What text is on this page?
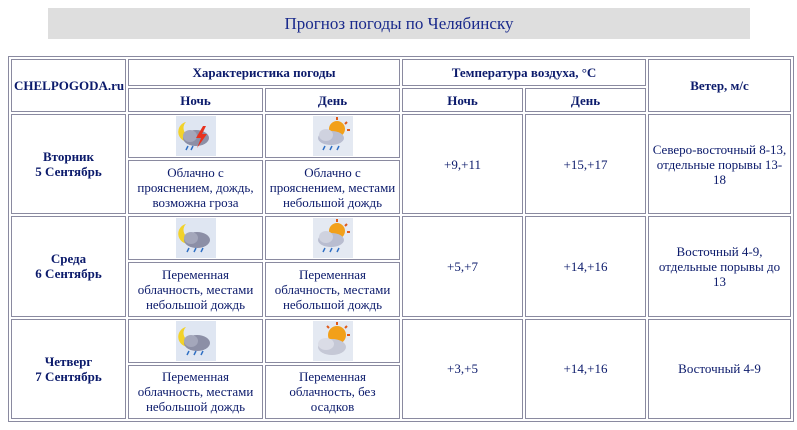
Прогноз погоды по Челябинску
CHELPOGODA.ru	Характеристика погоды		Температура воздуха, °C		Ветер, м/с
	Ночь	День	Ночь	День	
Вторник
5 Сентябрь			+9,+11	+15,+17	Северо-восточный 8-13, отдельные порывы 13-18
	Облачно с прояснением, дождь, возможна гроза	Облачно с прояснением, местами небольшой дождь			
Среда
6 Сентябрь			+5,+7	+14,+16	Восточный 4-9, отдельные порывы до 13
	Переменная облачность, местами небольшой дождь	Переменная облачность, местами небольшой дождь			
Четверг
7 Сентябрь			+3,+5	+14,+16	Восточный 4-9
	Переменная облачность, местами небольшой дождь	Переменная облачность, без осадков			
